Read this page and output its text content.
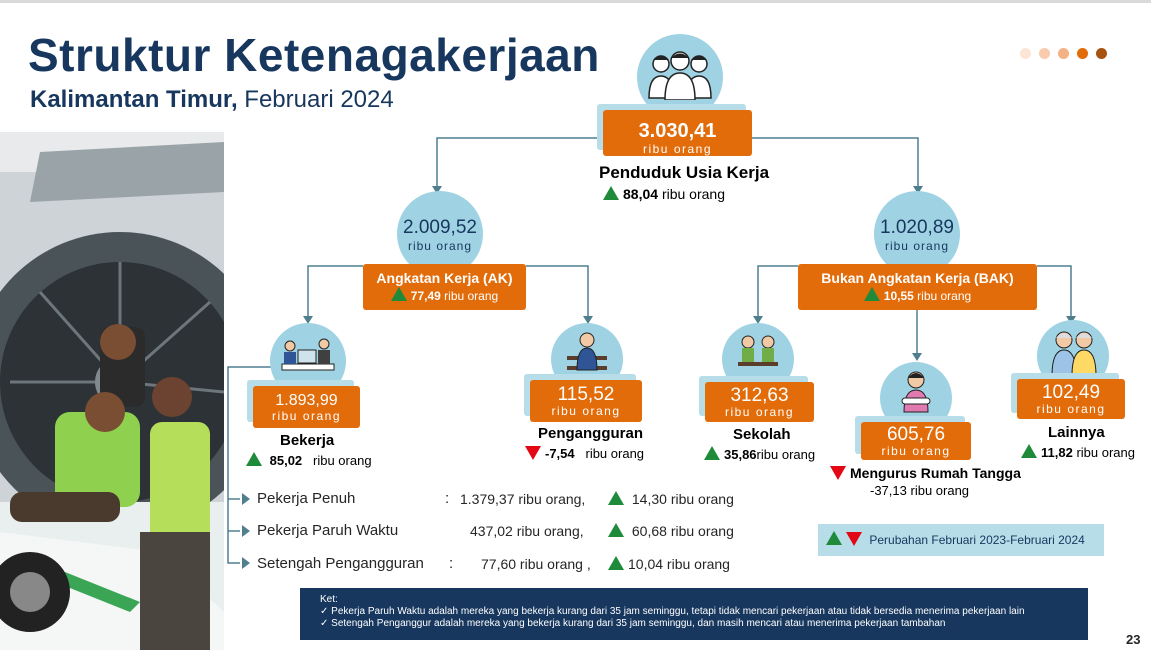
Struktur Ketenagakerjaan
Kalimantan Timur, Februari 2024
3.030,41
ribu orang
Penduduk Usia Kerja
88,04 ribu orang
2.009,52
ribu orang
Angkatan Kerja (AK)
77,49 ribu orang
1.020,89
ribu orang
Bukan Angkatan Kerja (BAK)
10,55 ribu orang
1.893,99
ribu orang
Bekerja
85,02 ribu orang
115,52
ribu orang
Pengangguran
-7,54 ribu orang
312,63
ribu orang
Sekolah
35,86ribu orang
605,76
ribu orang
Mengurus Rumah Tangga
-37,13 ribu orang
102,49
ribu orang
Lainnya
11,82 ribu orang
Pekerja Penuh	: 1.379,37 ribu orang,	14,30 ribu orang
Pekerja Paruh Waktu	437,02 ribu orang,	60,68 ribu orang
Setengah Pengangguran : 77,60 ribu orang ,	10,04 ribu orang
Perubahan Februari 2023-Februari 2024
Ket:
✓ Pekerja Paruh Waktu adalah mereka yang bekerja kurang dari 35 jam seminggu, tetapi tidak mencari pekerjaan atau tidak bersedia menerima pekerjaan lain
✓ Setengah Penganggur adalah mereka yang bekerja kurang dari 35 jam seminggu, dan masih mencari atau menerima pekerjaan tambahan
23
